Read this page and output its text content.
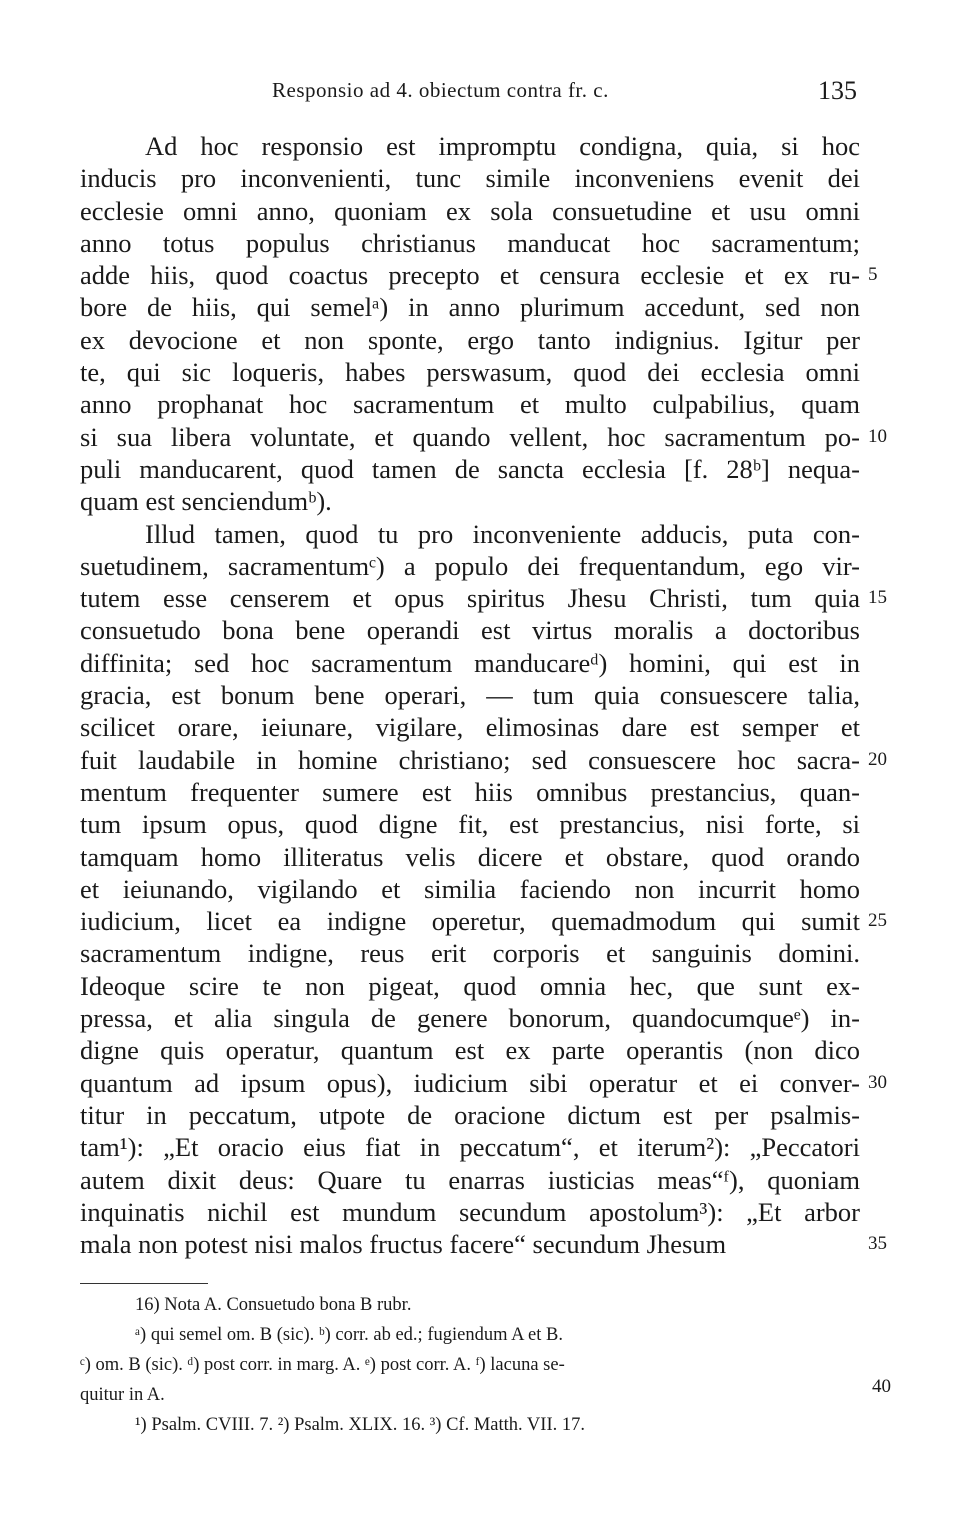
Responsio ad 4. obiectum contra fr. c.	135
Ad hoc responsio est impromptu condigna, quia, si hoc
inducis pro inconvenienti, tunc simile inconveniens evenit dei
ecclesie omni anno, quoniam ex sola consuetudine et usu omni
anno totus populus christianus manducat hoc sacramentum;
adde hiis, quod coactus precepto et censura ecclesie et ex ru-
bore de hiis, qui semelᵃ) in anno plurimum accedunt, sed non
ex devocione et non sponte, ergo tanto indignius. Igitur per
te, qui sic loqueris, habes perswasum, quod dei ecclesia omni
anno prophanat hoc sacramentum et multo culpabilius, quam
si sua libera voluntate, et quando vellent, hoc sacramentum po-
puli manducarent, quod tamen de sancta ecclesia [f. 28ᵇ] nequa-
quam est senciendumᵇ).
Illud tamen, quod tu pro inconveniente adducis, puta con-
suetudinem, sacramentumᶜ) a populo dei frequentandum, ego vir-
tutem esse censerem et opus spiritus Jhesu Christi, tum quia
consuetudo bona bene operandi est virtus moralis a doctoribus
diffinita; sed hoc sacramentum manducareᵈ) homini, qui est in
gracia, est bonum bene operari, — tum quia consuescere talia,
scilicet orare, ieiunare, vigilare, elimosinas dare est semper et
fuit laudabile in homine christiano; sed consuescere hoc sacra-
mentum frequenter sumere est hiis omnibus prestancius, quan-
tum ipsum opus, quod digne fit, est prestancius, nisi forte, si
tamquam homo illiteratus velis dicere et obstare, quod orando
et ieiunando, vigilando et similia faciendo non incurrit homo
iudicium, licet ea indigne operetur, quemadmodum qui sumit
sacramentum indigne, reus erit corporis et sanguinis domini.
Ideoque scire te non pigeat, quod omnia hec, que sunt ex-
pressa, et alia singula de genere bonorum, quandocumqueᵉ) in-
digne quis operatur, quantum est ex parte operantis (non dico
quantum ad ipsum opus), iudicium sibi operatur et ei conver-
titur in peccatum, utpote de oracione dictum est per psalmis-
tam¹): „Et oracio eius fiat in peccatum“, et iterum²): „Peccatori
autem dixit deus: Quare tu enarras iusticias meas“ᶠ), quoniam
inquinatis nichil est mundum secundum apostolum³): „Et arbor
mala non potest nisi malos fructus facere“ secundum Jhesum
5
10
15
20
25
30
35
16) Nota A. Consuetudo bona B rubr.
ᵃ) qui semel om. B (sic). ᵇ) corr. ab ed.; fugiendum A et B.
ᶜ) om. B (sic). ᵈ) post corr. in marg. A. ᵉ) post corr. A. ᶠ) lacuna se-
quitur in A.
¹) Psalm. CVIII. 7. ²) Psalm. XLIX. 16. ³) Cf. Matth. VII. 17.
40
